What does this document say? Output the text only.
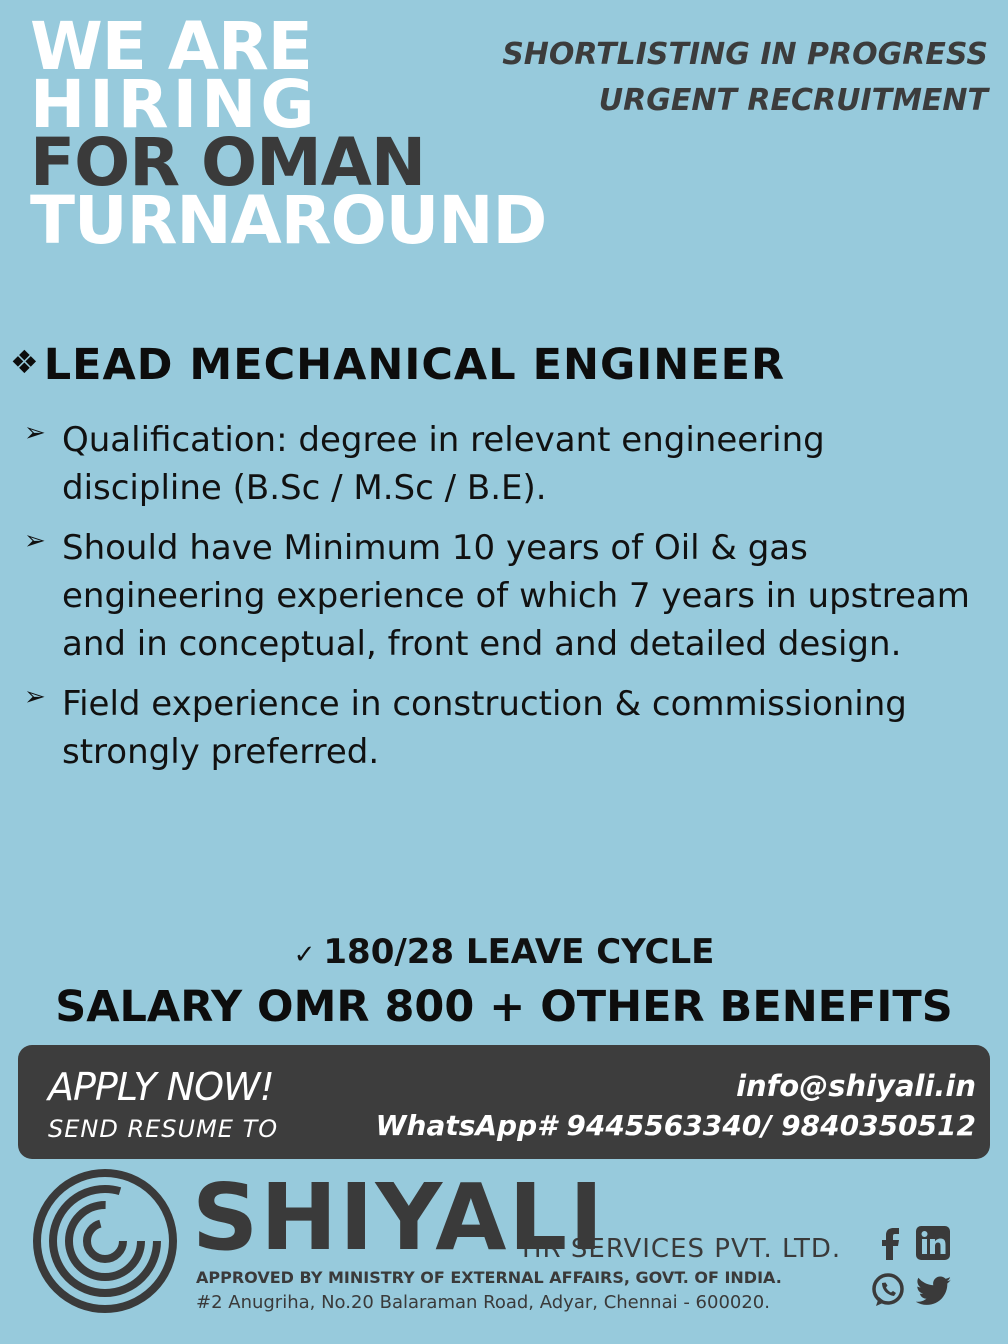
WE ARE
HIRING
FOR OMAN
TURNAROUND
SHORTLISTING IN PROGRESS
URGENT RECRUITMENT
❖LEAD MECHANICAL ENGINEER
➢ Qualification: degree in relevant engineering discipline (B.Sc / M.Sc / B.E).
➢ Should have Minimum 10 years of Oil & gas engineering experience of which 7 years in upstream and in conceptual, front end and detailed design.
➢ Field experience in construction & commissioning strongly preferred.
✓ 180/28 LEAVE CYCLE
SALARY OMR 800 + OTHER BENEFITS
APPLY NOW!
SEND RESUME TO
info@shiyali.in
WhatsApp# 9445563340/ 9840350512
SHIYALI
HR SERVICES PVT. LTD.
APPROVED BY MINISTRY OF EXTERNAL AFFAIRS, GOVT. OF INDIA.
#2 Anugriha, No.20 Balaraman Road, Adyar, Chennai - 600020.
